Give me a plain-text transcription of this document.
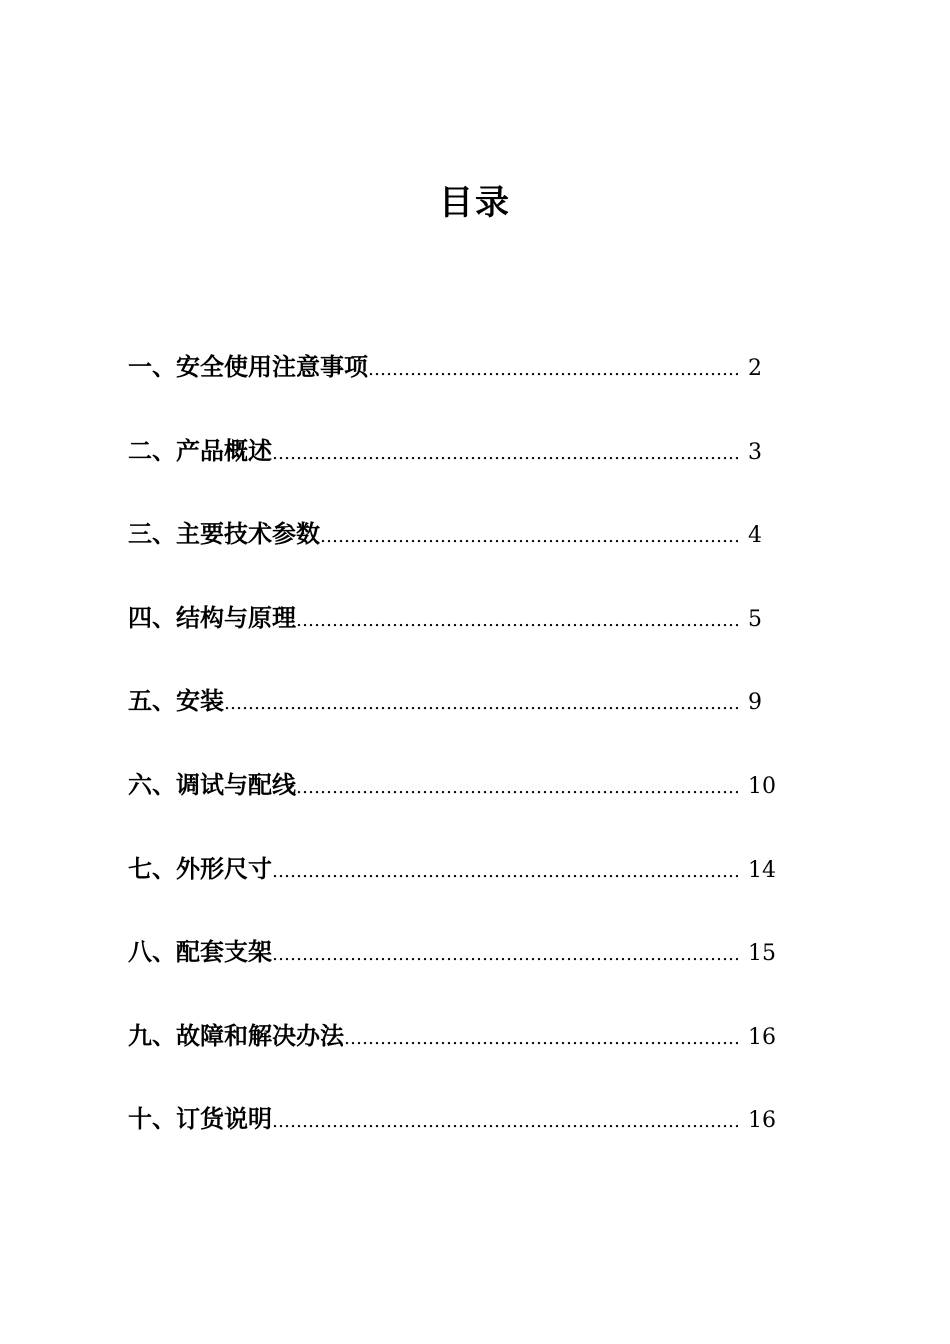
目录
一、 安全使用注意事项 ………………………………………………………………………………………………………………………………………………………………	2
二、 产品概述 ………………………………………………………………………………………………………………………………………………………………	3
三、 主要技术参数 ………………………………………………………………………………………………………………………………………………………………	4
四、 结构与原理 ………………………………………………………………………………………………………………………………………………………………	5
五、 安装 ………………………………………………………………………………………………………………………………………………………………	9
六、 调试与配线 ………………………………………………………………………………………………………………………………………………………………	10
七、 外形尺寸 ………………………………………………………………………………………………………………………………………………………………	14
八、 配套支架 ………………………………………………………………………………………………………………………………………………………………	15
九、 故障和解决办法 ………………………………………………………………………………………………………………………………………………………………	16
十、 订货说明 ………………………………………………………………………………………………………………………………………………………………	16
